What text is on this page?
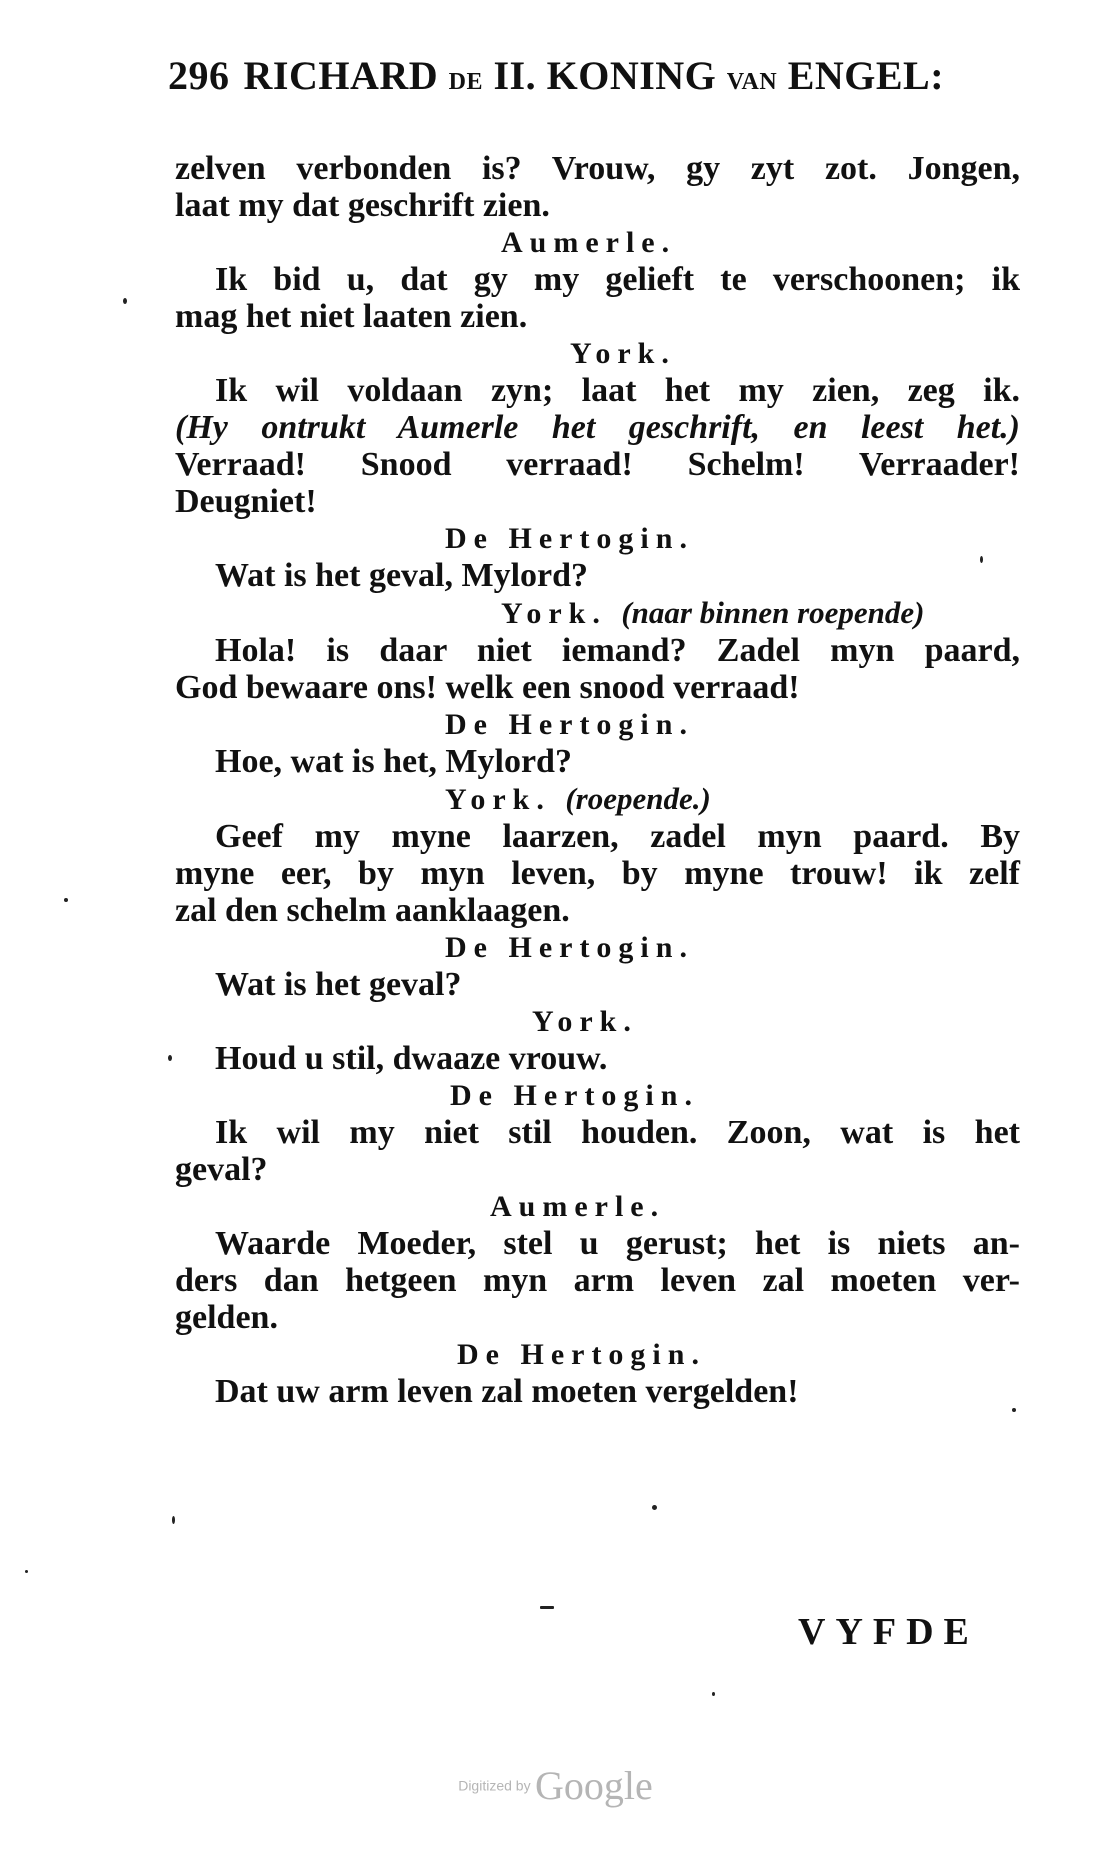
296 RICHARD DE II. KONING VAN ENGEL:
zelven verbonden is? Vrouw, gy zyt zot. Jongen,
laat my dat geschrift zien.
Aumerle.
Ik bid u, dat gy my gelieft te verschoonen; ik
mag het niet laaten zien.
York.
Ik wil voldaan zyn; laat het my zien, zeg ik.
(Hy ontrukt Aumerle het geschrift, en leest het.)
Verraad! Snood verraad! Schelm! Verraader!
Deugniet!
De Hertogin.
Wat is het geval, Mylord?
York. (naar binnen roepende)
Hola! is daar niet iemand? Zadel myn paard,
God bewaare ons! welk een snood verraad!
De Hertogin.
Hoe, wat is het, Mylord?
York. (roepende.)
Geef my myne laarzen, zadel myn paard. By
myne eer, by myn leven, by myne trouw! ik zelf
zal den schelm aanklaagen.
De Hertogin.
Wat is het geval?
York.
Houd u stil, dwaaze vrouw.
De Hertogin.
Ik wil my niet stil houden. Zoon, wat is het
geval?
Aumerle.
Waarde Moeder, stel u gerust; het is niets an-
ders dan hetgeen myn arm leven zal moeten ver-
gelden.
De Hertogin.
Dat uw arm leven zal moeten vergelden!
VYFDE
Digitized by Google
